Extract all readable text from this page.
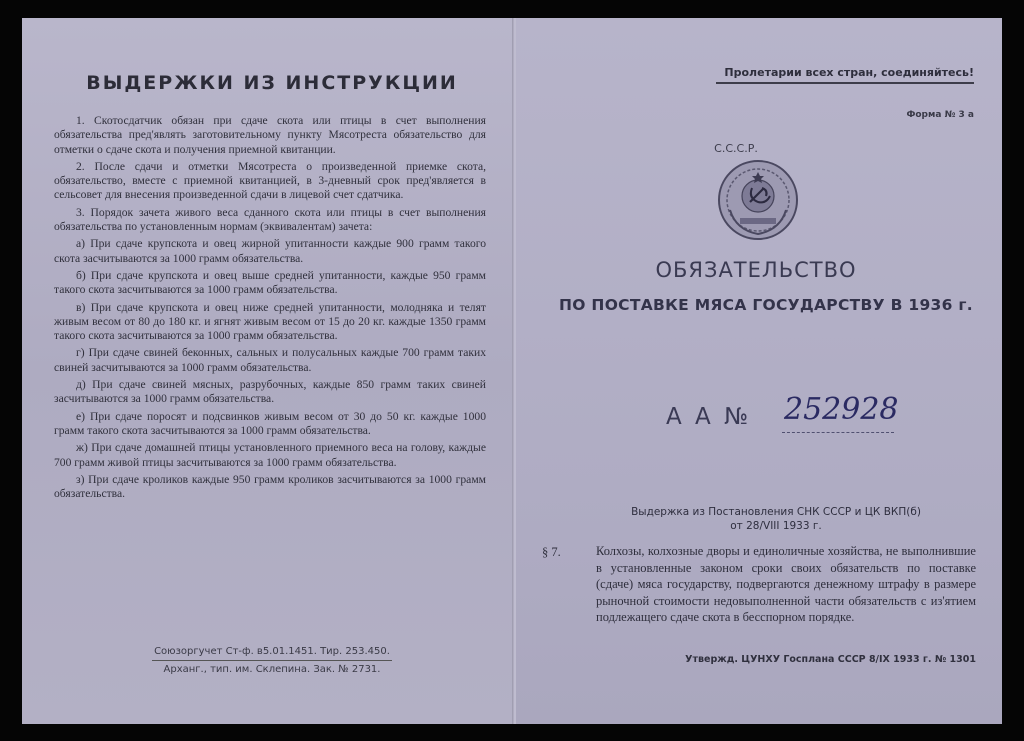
ВЫДЕРЖКИ ИЗ ИНСТРУКЦИИ

1. Скотосдатчик обязан при сдаче скота или птицы в счет выполнения обязательства пред'являть заготовительному пункту Мясотреста обязательство для отметки о сдаче скота и получения приемной квитанции.

2. После сдачи и отметки Мясотреста о произведенной приемке скота, обязательство, вместе с приемной квитанцией, в 3-дневный срок пред'является в сельсовет для внесения произведенной сдачи в лицевой счет сдатчика.

3. Порядок зачета живого веса сданного скота или птицы в счет выполнения обязательства по установленным нормам (эквивалентам) зачета:

а) При сдаче крупскота и овец жирной упитанности каждые 900 грамм такого скота засчитываются за 1000 грамм обязательства.

б) При сдаче крупскота и овец выше средней упитанности, каждые 950 грамм такого скота засчитываются за 1000 грамм обязательства.

в) При сдаче крупскота и овец ниже средней упитанности, молодняка и телят живым весом от 80 до 180 кг. и ягнят живым весом от 15 до 20 кг. каждые 1350 грамм такого скота засчитываются за 1000 грамм обязательства.

г) При сдаче свиней беконных, сальных и полусальных каждые 700 грамм таких свиней засчитываются за 1000 грамм обязательства.

д) При сдаче свиней мясных, разрубочных, каждые 850 грамм таких свиней засчитываются за 1000 грамм обязательства.

е) При сдаче поросят и подсвинков живым весом от 30 до 50 кг. каждые 1000 грамм такого скота засчитываются за 1000 грамм обязательства.

ж) При сдаче домашней птицы установленного приемного веса на голову, каждые 700 грамм живой птицы засчитываются за 1000 грамм обязательства.

з) При сдаче кроликов каждые 950 грамм кроликов засчитываются за 1000 грамм обязательства.

Союзоргучет Ст-ф. в5.01.1451. Тир. 253.450.
Арханг., тип. им. Склепина. Зак. № 2731.
Пролетарии всех стран, соединяйтесь!
Форма № 3 а
С.С.С.Р.
ОБЯЗАТЕЛЬСТВО
ПО ПОСТАВКЕ МЯСА ГОСУДАРСТВУ В 1936 г.
А А № 252928
Выдержка из Постановления СНК СССР и ЦК ВКП(б)
от 28/VIII 1933 г.
§ 7.	Колхозы, колхозные дворы и единоличные хозяйства, не выполнившие в установленные законом сроки своих обязательств по поставке (сдаче) мяса государству, подвергаются денежному штрафу в размере рыночной стоимости недовыполненной части обязательств с из'ятием подлежащего сдаче скота в бесспорном порядке.
Утвержд. ЦУНХУ Госплана СССР 8/IX 1933 г. № 1301
